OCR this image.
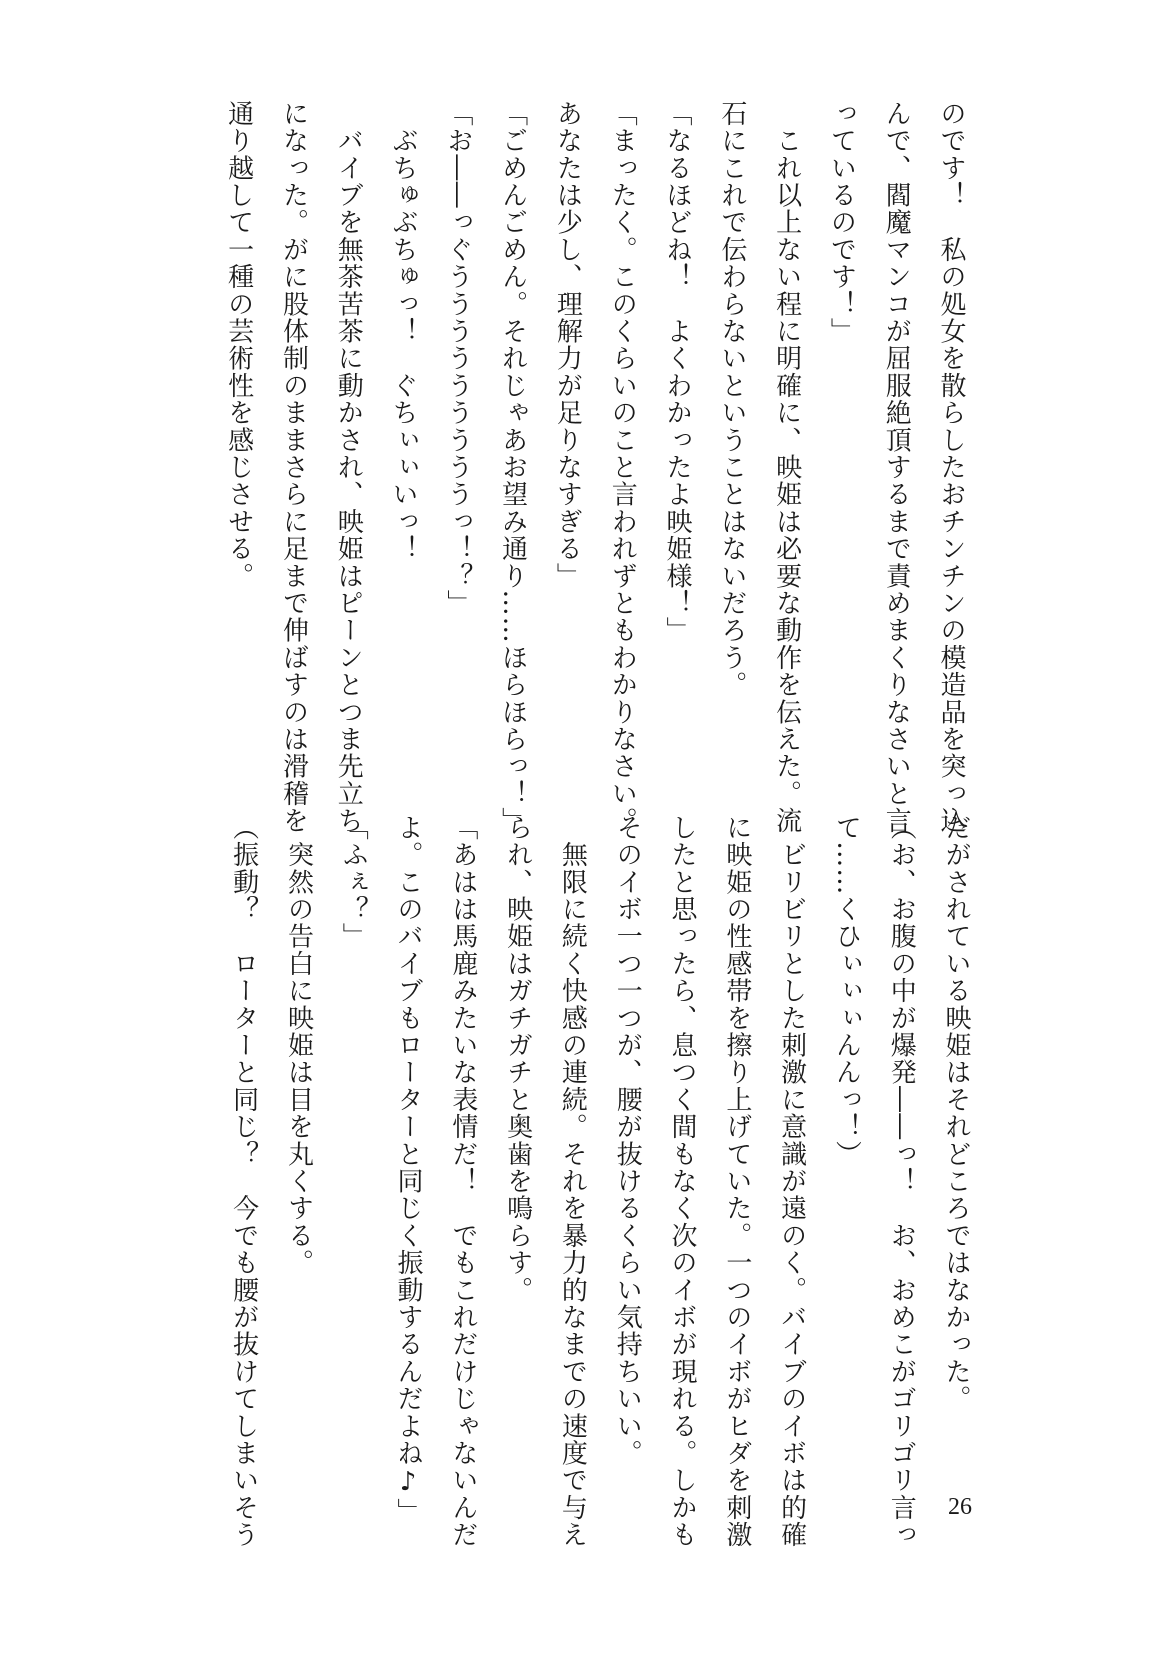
のです！　私の処女を散らしたおチンチンの模造品を突っ込
んで、閻魔マンコが屈服絶頂するまで責めまくりなさいと言
っているのです！」
　これ以上ない程に明確に、映姫は必要な動作を伝えた。流
石にこれで伝わらないということはないだろう。
「なるほどね！　よくわかったよ映姫様！」
「まったく。このくらいのこと言われずともわかりなさい。
あなたは少し、理解力が足りなすぎる」
「ごめんごめん。それじゃあお望み通り……ほらほらっ！」
「お――っぐうううううううううっ！？」
　ぶちゅぶちゅっ！　ぐちぃぃいっ！
　バイブを無茶苦茶に動かされ、映姫はピーンとつま先立ち
になった。がに股体制のままさらに足まで伸ばすのは滑稽を
通り越して一種の芸術性を感じさせる。
だがされている映姫はそれどころではなかった。
（お、お腹の中が爆発――っ！　お、おめこがゴリゴリ言っ
て……くひぃぃぃんんっ！）
　ビリビリとした刺激に意識が遠のく。バイブのイボは的確
に映姫の性感帯を擦り上げていた。一つのイボがヒダを刺激
したと思ったら、息つく間もなく次のイボが現れる。しかも
そのイボ一つ一つが、腰が抜けるくらい気持ちいい。
　無限に続く快感の連続。それを暴力的なまでの速度で与え
られ、映姫はガチガチと奥歯を鳴らす。
「あはは馬鹿みたいな表情だ！　でもこれだけじゃないんだ
よ。このバイブもローターと同じく振動するんだよね♪」
「ふぇ？」
　突然の告白に映姫は目を丸くする。
（振動？　ローターと同じ？　今でも腰が抜けてしまいそう	26
